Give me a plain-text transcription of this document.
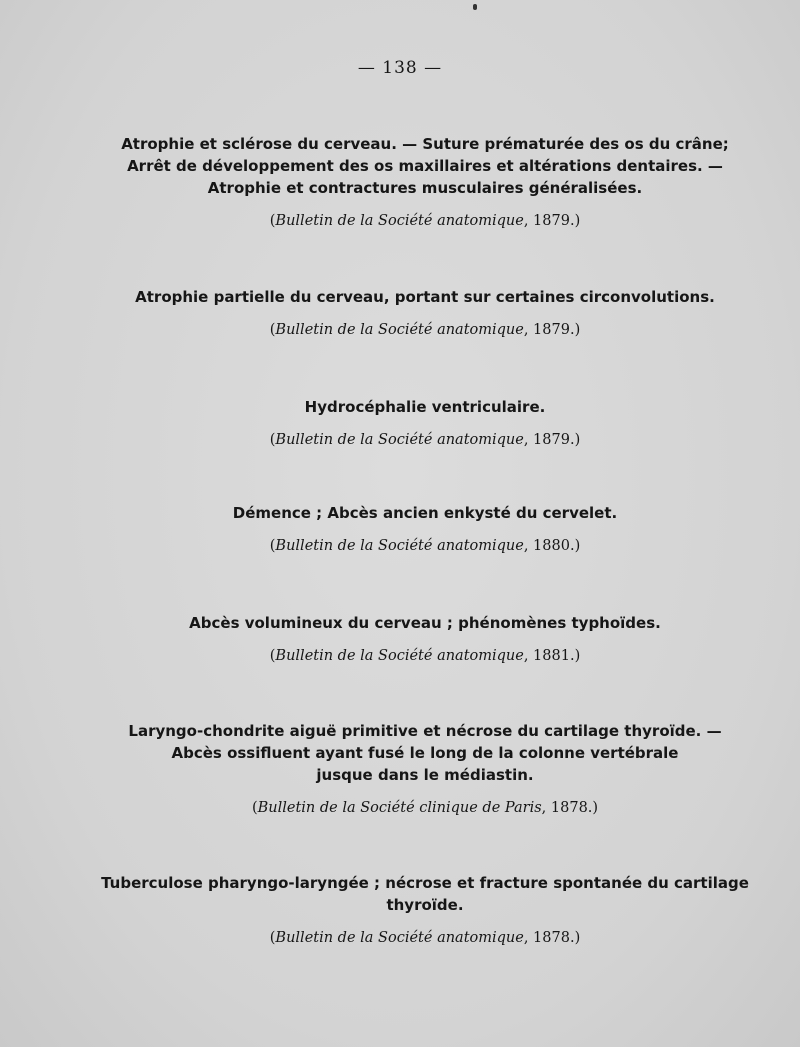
— 138 —
Atrophie et sclérose du cerveau. — Suture prématurée des os du crâne;
Arrêt de développement des os maxillaires et altérations dentaires. —
Atrophie et contractures musculaires généralisées.
(Bulletin de la Société anatomique, 1879.)
Atrophie partielle du cerveau, portant sur certaines circonvolutions.
(Bulletin de la Société anatomique, 1879.)
Hydrocéphalie ventriculaire.
(Bulletin de la Société anatomique, 1879.)
Démence ; Abcès ancien enkysté du cervelet.
(Bulletin de la Société anatomique, 1880.)
Abcès volumineux du cerveau ; phénomènes typhoïdes.
(Bulletin de la Société anatomique, 1881.)
Laryngo-chondrite aiguë primitive et nécrose du cartilage thyroïde. —
Abcès ossifluent ayant fusé le long de la colonne vertébrale
jusque dans le médiastin.
(Bulletin de la Société clinique de Paris, 1878.)
Tuberculose pharyngo-laryngée ; nécrose et fracture spontanée du cartilage
thyroïde.
(Bulletin de la Société anatomique, 1878.)
